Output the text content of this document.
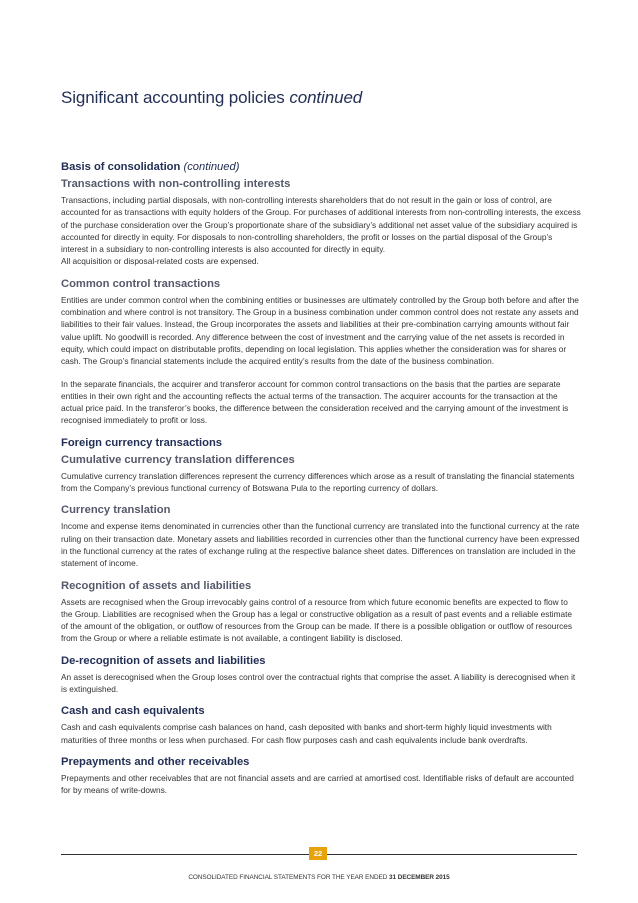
Significant accounting policies continued
Basis of consolidation (continued)
Transactions with non-controlling interests

Transactions, including partial disposals, with non-controlling interests shareholders that do not result in the gain or loss of control, are accounted for as transactions with equity holders of the Group. For purchases of additional interests from non-controlling interests, the excess of the purchase consideration over the Group’s proportionate share of the subsidiary’s additional net asset value of the subsidiary acquired is accounted for directly in equity. For disposals to non-controlling shareholders, the profit or losses on the partial disposal of the Group’s interest in a subsidiary to non-controlling interests is also accounted for directly in equity.

All acquisition or disposal-related costs are expensed.

Common control transactions

Entities are under common control when the combining entities or businesses are ultimately controlled by the Group both before and after the combination and where control is not transitory. The Group in a business combination under common control does not restate any assets and liabilities to their fair values. Instead, the Group incorporates the assets and liabilities at their pre-combination carrying amounts without fair value uplift. No goodwill is recorded. Any difference between the cost of investment and the carrying value of the net assets is recorded in equity, which could impact on distributable profits, depending on local legislation. This applies whether the consideration was for shares or cash. The Group’s financial statements include the acquired entity’s results from the date of the business combination.

In the separate financials, the acquirer and transferor account for common control transactions on the basis that the parties are separate entities in their own right and the accounting reflects the actual terms of the transaction. The acquirer accounts for the transaction at the actual price paid. In the transferor’s books, the difference between the consideration received and the carrying amount of the investment is recognised immediately to profit or loss.

Foreign currency transactions
Cumulative currency translation differences

Cumulative currency translation differences represent the currency differences which arose as a result of translating the financial statements from the Company’s previous functional currency of Botswana Pula to the reporting currency of dollars.

Currency translation

Income and expense items denominated in currencies other than the functional currency are translated into the functional currency at the rate ruling on their transaction date. Monetary assets and liabilities recorded in currencies other than the functional currency have been expressed in the functional currency at the rates of exchange ruling at the respective balance sheet dates. Differences on translation are included in the statement of income.

Recognition of assets and liabilities

Assets are recognised when the Group irrevocably gains control of a resource from which future economic benefits are expected to flow to the Group. Liabilities are recognised when the Group has a legal or constructive obligation as a result of past events and a reliable estimate of the amount of the obligation, or outflow of resources from the Group can be made. If there is a possible obligation or outflow of resources from the Group or where a reliable estimate is not available, a contingent liability is disclosed.

De-recognition of assets and liabilities

An asset is derecognised when the Group loses control over the contractual rights that comprise the asset. A liability is derecognised when it is extinguished.

Cash and cash equivalents

Cash and cash equivalents comprise cash balances on hand, cash deposited with banks and short-term highly liquid investments with maturities of three months or less when purchased. For cash flow purposes cash and cash equivalents include bank overdrafts.

Prepayments and other receivables

Prepayments and other receivables that are not financial assets and are carried at amortised cost. Identifiable risks of default are accounted for by means of write-downs.

22
CONSOLIDATED FINANCIAL STATEMENTS FOR THE YEAR ENDED 31 DECEMBER 2015
